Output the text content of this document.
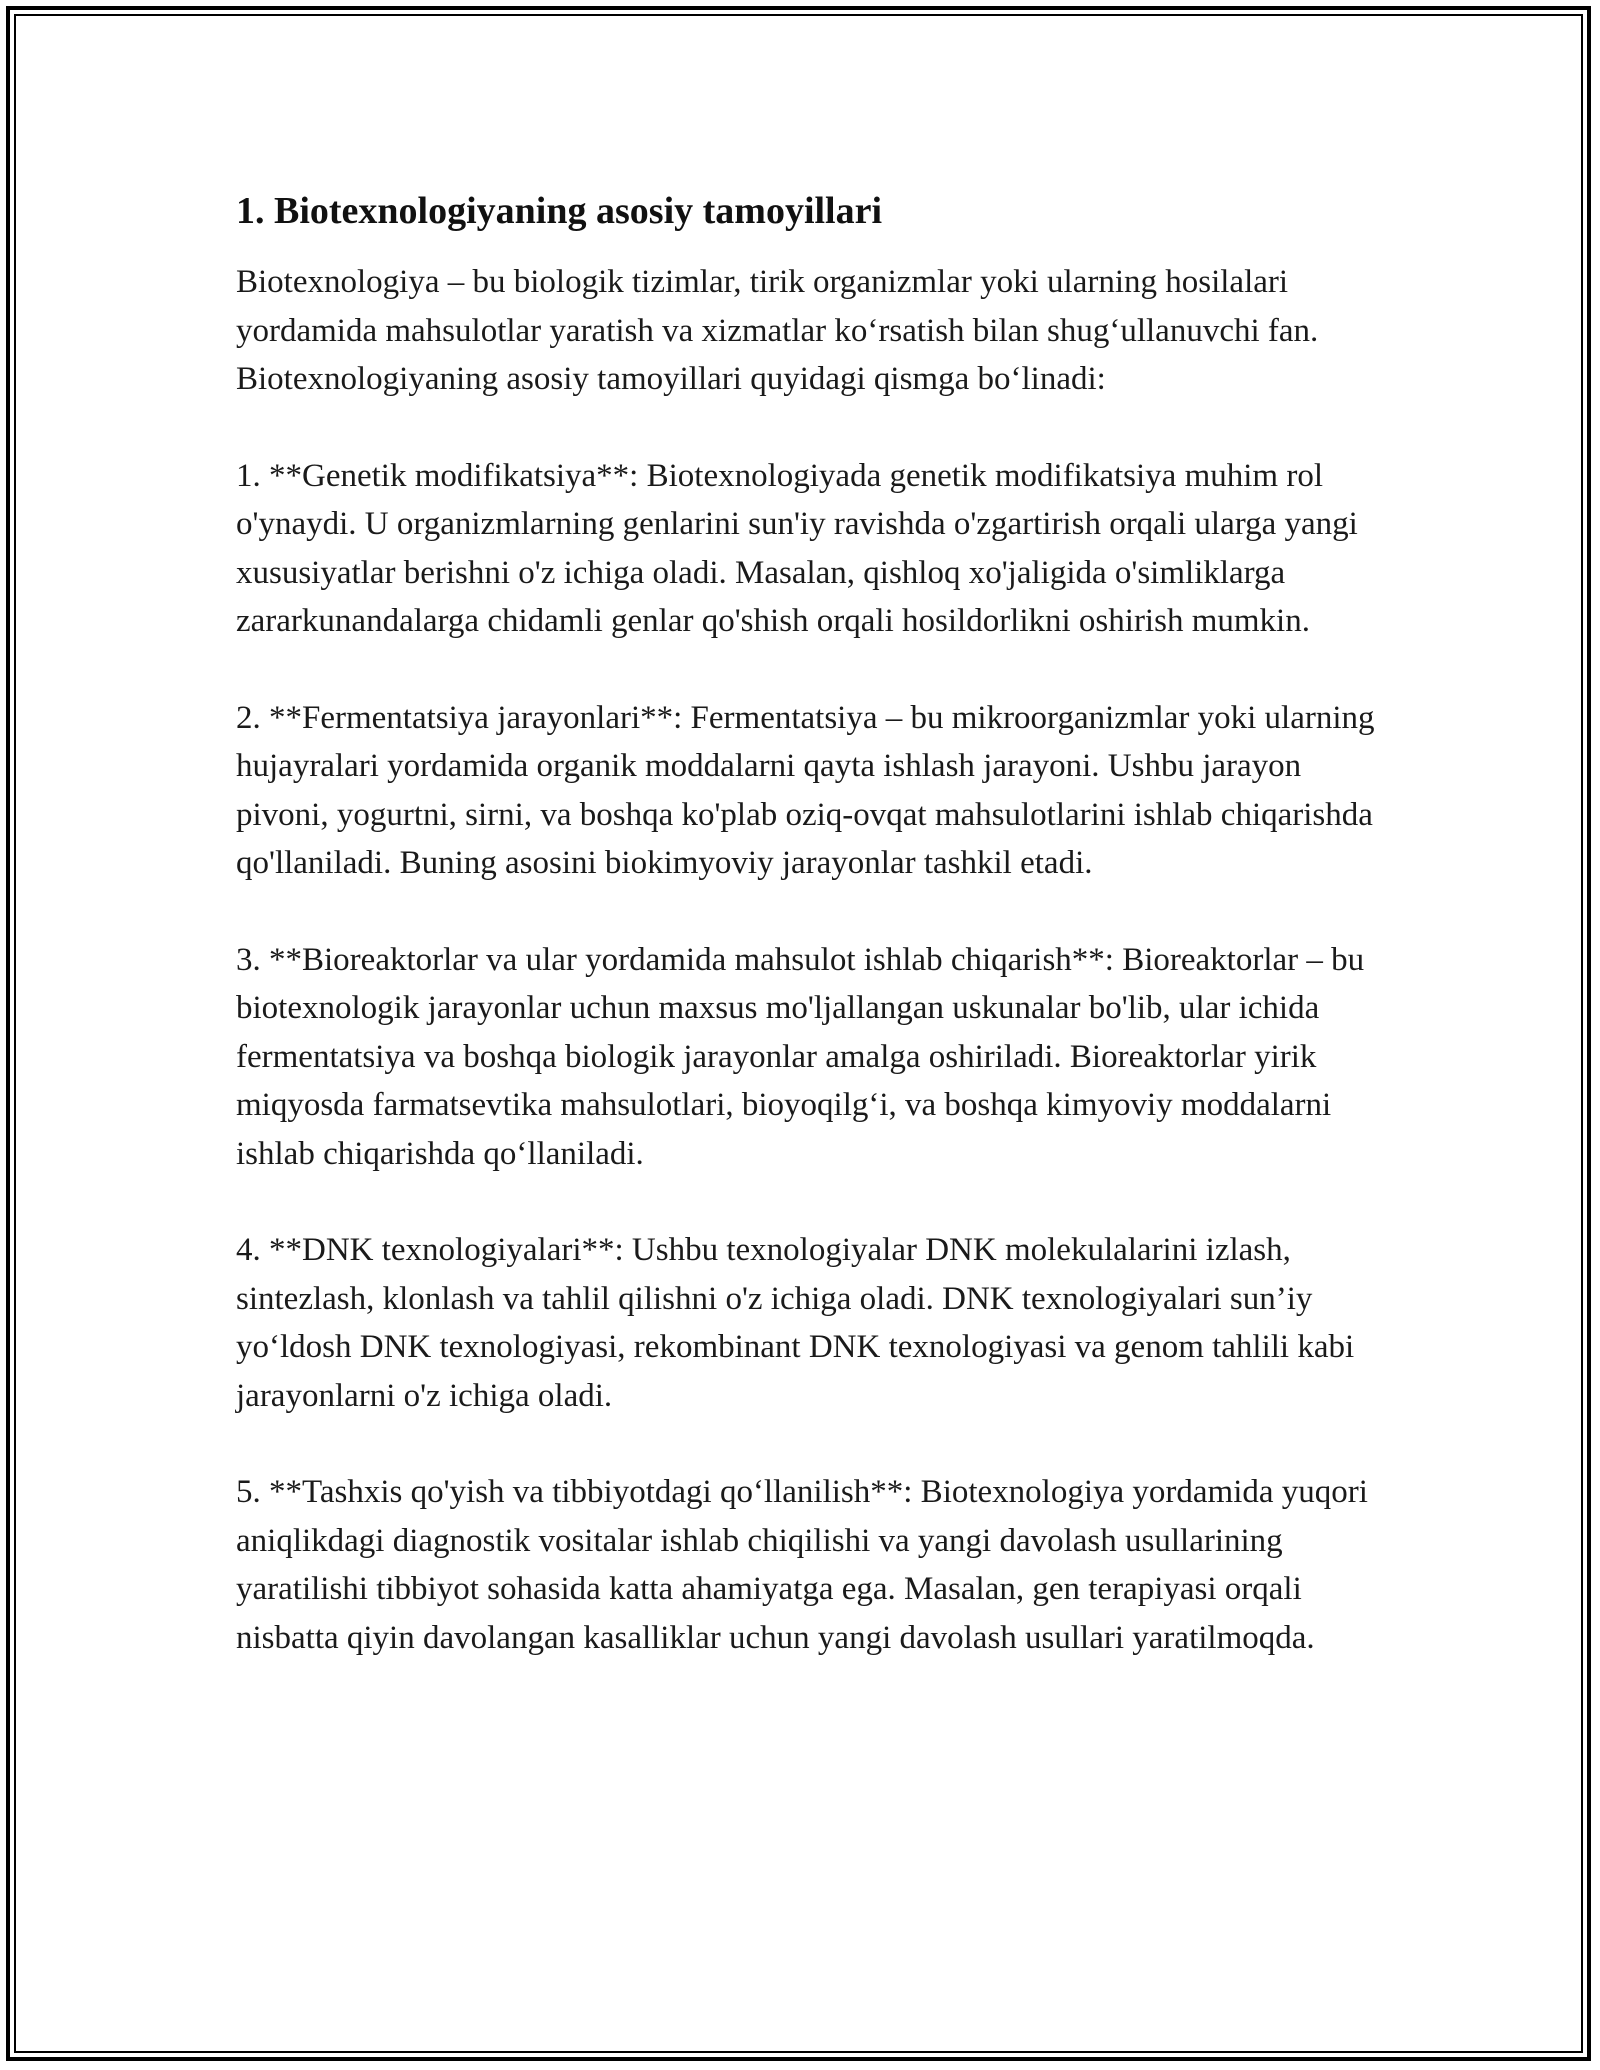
1. Biotexnologiyaning asosiy tamoyillari

Biotexnologiya – bu biologik tizimlar, tirik organizmlar yoki ularning hosilalari yordamida mahsulotlar yaratish va xizmatlar ko‘rsatish bilan shug‘ullanuvchi fan. Biotexnologiyaning asosiy tamoyillari quyidagi qismga bo‘linadi:

1. **Genetik modifikatsiya**: Biotexnologiyada genetik modifikatsiya muhim rol o'ynaydi. U organizmlarning genlarini sun'iy ravishda o'zgartirish orqali ularga yangi xususiyatlar berishni o'z ichiga oladi. Masalan, qishloq xo'jaligida o'simliklarga zararkunandalarga chidamli genlar qo'shish orqali hosildorlikni oshirish mumkin.

2. **Fermentatsiya jarayonlari**: Fermentatsiya – bu mikroorganizmlar yoki ularning hujayralari yordamida organik moddalarni qayta ishlash jarayoni. Ushbu jarayon pivoni, yogurtni, sirni, va boshqa ko'plab oziq-ovqat mahsulotlarini ishlab chiqarishda qo'llaniladi. Buning asosini biokimyoviy jarayonlar tashkil etadi.

3. **Bioreaktorlar va ular yordamida mahsulot ishlab chiqarish**: Bioreaktorlar – bu biotexnologik jarayonlar uchun maxsus mo'ljallangan uskunalar bo'lib, ular ichida fermentatsiya va boshqa biologik jarayonlar amalga oshiriladi. Bioreaktorlar yirik miqyosda farmatsevtika mahsulotlari, bioyoqilg‘i, va boshqa kimyoviy moddalarni ishlab chiqarishda qo‘llaniladi.

4. **DNK texnologiyalari**: Ushbu texnologiyalar DNK molekulalarini izlash, sintezlash, klonlash va tahlil qilishni o'z ichiga oladi. DNK texnologiyalari sun’iy yo‘ldosh DNK texnologiyasi, rekombinant DNK texnologiyasi va genom tahlili kabi jarayonlarni o'z ichiga oladi.

5. **Tashxis qo'yish va tibbiyotdagi qo‘llanilish**: Biotexnologiya yordamida yuqori aniqlikdagi diagnostik vositalar ishlab chiqilishi va yangi davolash usullarining yaratilishi tibbiyot sohasida katta ahamiyatga ega. Masalan, gen terapiyasi orqali nisbatta qiyin davolangan kasalliklar uchun yangi davolash usullari yaratilmoqda.
